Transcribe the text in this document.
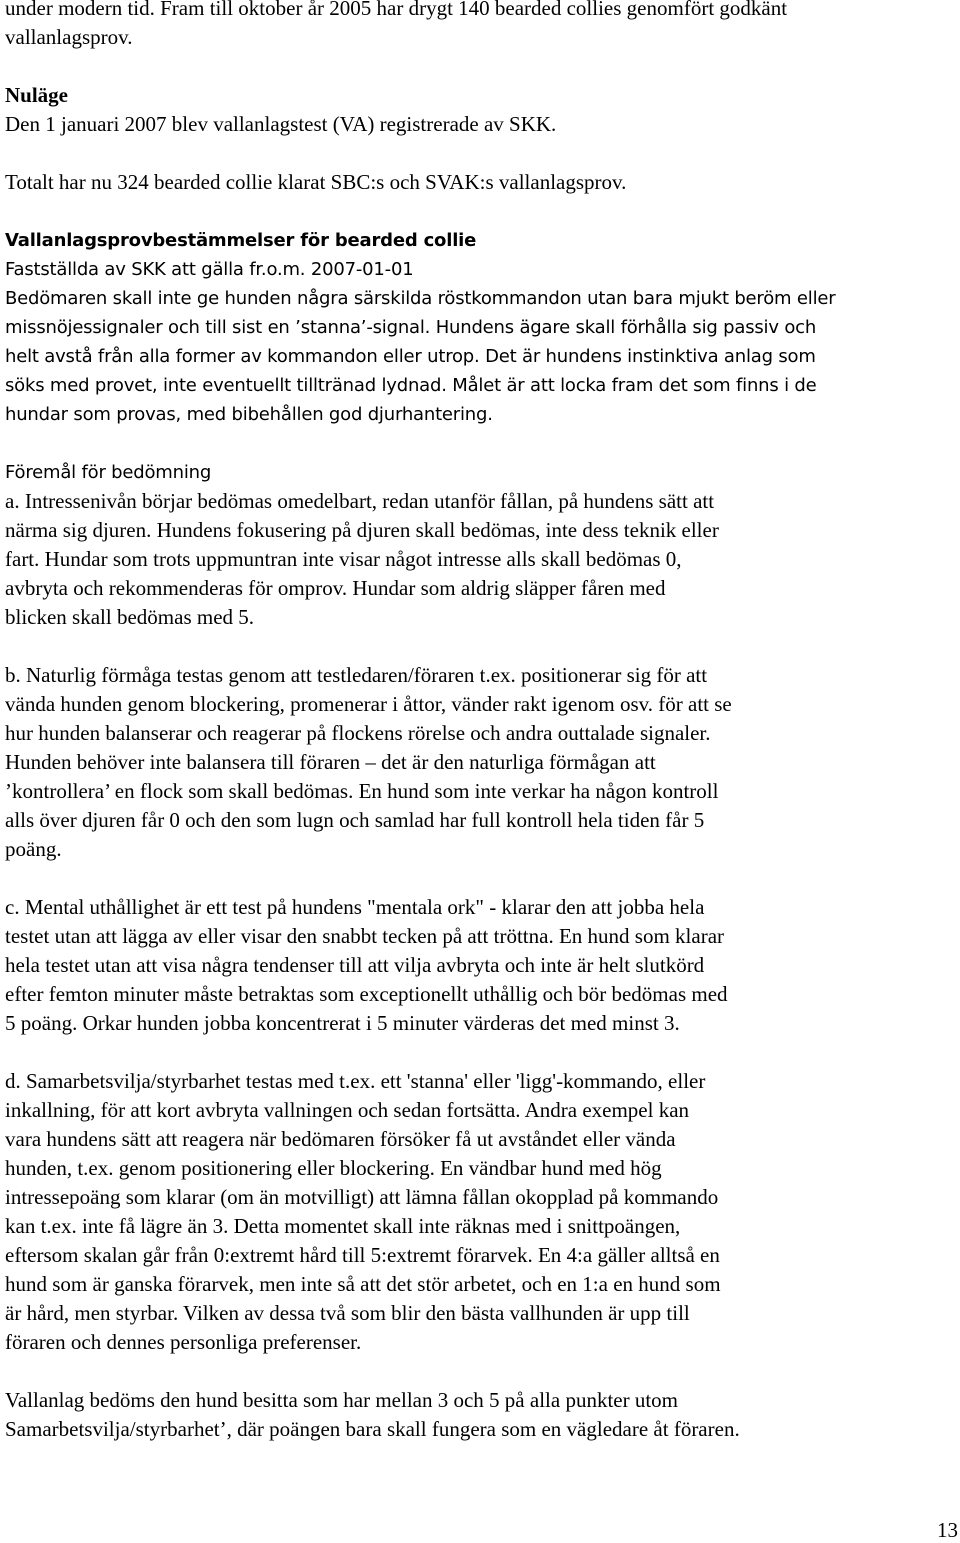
under modern tid. Fram till oktober år 2005 har drygt 140 bearded collies genomfört godkänt
vallanlagsprov.

Nuläge
Den 1 januari 2007 blev vallanlagstest (VA) registrerade av SKK.

Totalt har nu 324 bearded collie klarat SBC:s och SVAK:s vallanlagsprov.

Vallanlagsprovbestämmelser för bearded collie
Fastställda av SKK att gälla fr.o.m. 2007-01-01
Bedömaren skall inte ge hunden några särskilda röstkommandon utan bara mjukt beröm eller
missnöjessignaler och till sist en ’stanna’-signal. Hundens ägare skall förhålla sig passiv och
helt avstå från alla former av kommandon eller utrop. Det är hundens instinktiva anlag som
söks med provet, inte eventuellt tilltränad lydnad. Målet är att locka fram det som finns i de
hundar som provas, med bibehållen god djurhantering.

Föremål för bedömning

a. Intressenivån börjar bedömas omedelbart, redan utanför fållan, på hundens sätt att
närma sig djuren. Hundens fokusering på djuren skall bedömas, inte dess teknik eller
fart. Hundar som trots uppmuntran inte visar något intresse alls skall bedömas 0,
avbryta och rekommenderas för omprov. Hundar som aldrig släpper fåren med
blicken skall bedömas med 5.

b. Naturlig förmåga testas genom att testledaren/föraren t.ex. positionerar sig för att
vända hunden genom blockering, promenerar i åttor, vänder rakt igenom osv. för att se
hur hunden balanserar och reagerar på flockens rörelse och andra outtalade signaler.
Hunden behöver inte balansera till föraren – det är den naturliga förmågan att
’kontrollera’ en flock som skall bedömas. En hund som inte verkar ha någon kontroll
alls över djuren får 0 och den som lugn och samlad har full kontroll hela tiden får 5
poäng.

c. Mental uthållighet är ett test på hundens "mentala ork" - klarar den att jobba hela
testet utan att lägga av eller visar den snabbt tecken på att tröttna. En hund som klarar
hela testet utan att visa några tendenser till att vilja avbryta och inte är helt slutkörd
efter femton minuter måste betraktas som exceptionellt uthållig och bör bedömas med
5 poäng. Orkar hunden jobba koncentrerat i 5 minuter värderas det med minst 3.

d. Samarbetsvilja/styrbarhet testas med t.ex. ett 'stanna' eller 'ligg'-kommando, eller
inkallning, för att kort avbryta vallningen och sedan fortsätta. Andra exempel kan
vara hundens sätt att reagera när bedömaren försöker få ut avståndet eller vända
hunden, t.ex. genom positionering eller blockering. En vändbar hund med hög
intressepoäng som klarar (om än motvilligt) att lämna fållan okopplad på kommando
kan t.ex. inte få lägre än 3. Detta momentet skall inte räknas med i snittpoängen,
eftersom skalan går från 0:extremt hård till 5:extremt förarvek. En 4:a gäller alltså en
hund som är ganska förarvek, men inte så att det stör arbetet, och en 1:a en hund som
är hård, men styrbar. Vilken av dessa två som blir den bästa vallhunden är upp till
föraren och dennes personliga preferenser.

Vallanlag bedöms den hund besitta som har mellan 3 och 5 på alla punkter utom
Samarbetsvilja/styrbarhet’, där poängen bara skall fungera som en vägledare åt föraren.

13
